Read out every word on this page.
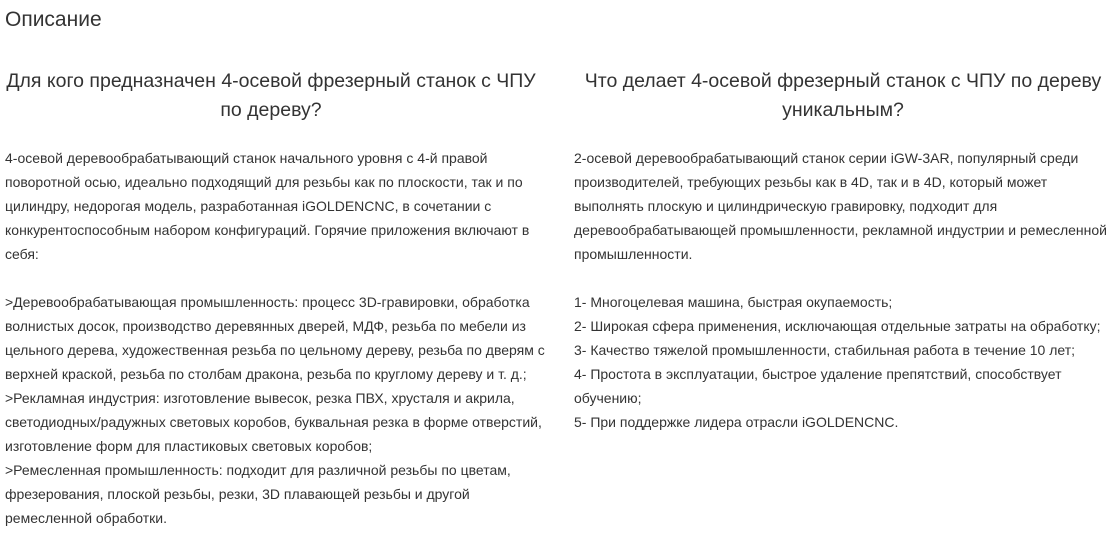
Описание
Для кого предназначен 4-осевой фрезерный станок с ЧПУ по дереву?

4-осевой деревообрабатывающий станок начального уровня с 4-й правой поворотной осью, идеально подходящий для резьбы как по плоскости, так и по цилиндру, недорогая модель, разработанная iGOLDENCNC, в сочетании с конкурентоспособным набором конфигураций. Горячие приложения включают в себя:

>Деревообрабатывающая промышленность: процесс 3D-гравировки, обработка волнистых досок, производство деревянных дверей, МДФ, резьба по мебели из цельного дерева, художественная резьба по цельному дереву, резьба по дверям с верхней краской, резьба по столбам дракона, резьба по круглому дереву и т. д.;
>Рекламная индустрия: изготовление вывесок, резка ПВХ, хрусталя и акрила, светодиодных/радужных световых коробов, буквальная резка в форме отверстий, изготовление форм для пластиковых световых коробов;
>Ремесленная промышленность: подходит для различной резьбы по цветам, фрезерования, плоской резьбы, резки, 3D плавающей резьбы и другой ремесленной обработки.

Что делает 4-осевой фрезерный станок с ЧПУ по дереву уникальным?

2-осевой деревообрабатывающий станок серии iGW-3AR, популярный среди производителей, требующих резьбы как в 4D, так и в 4D, который может выполнять плоскую и цилиндрическую гравировку, подходит для деревообрабатывающей промышленности, рекламной индустрии и ремесленной промышленности.

1- Многоцелевая машина, быстрая окупаемость;
2- Широкая сфера применения, исключающая отдельные затраты на обработку;
3- Качество тяжелой промышленности, стабильная работа в течение 10 лет;
4- Простота в эксплуатации, быстрое удаление препятствий, способствует обучению;
5- При поддержке лидера отрасли iGOLDENCNC.
